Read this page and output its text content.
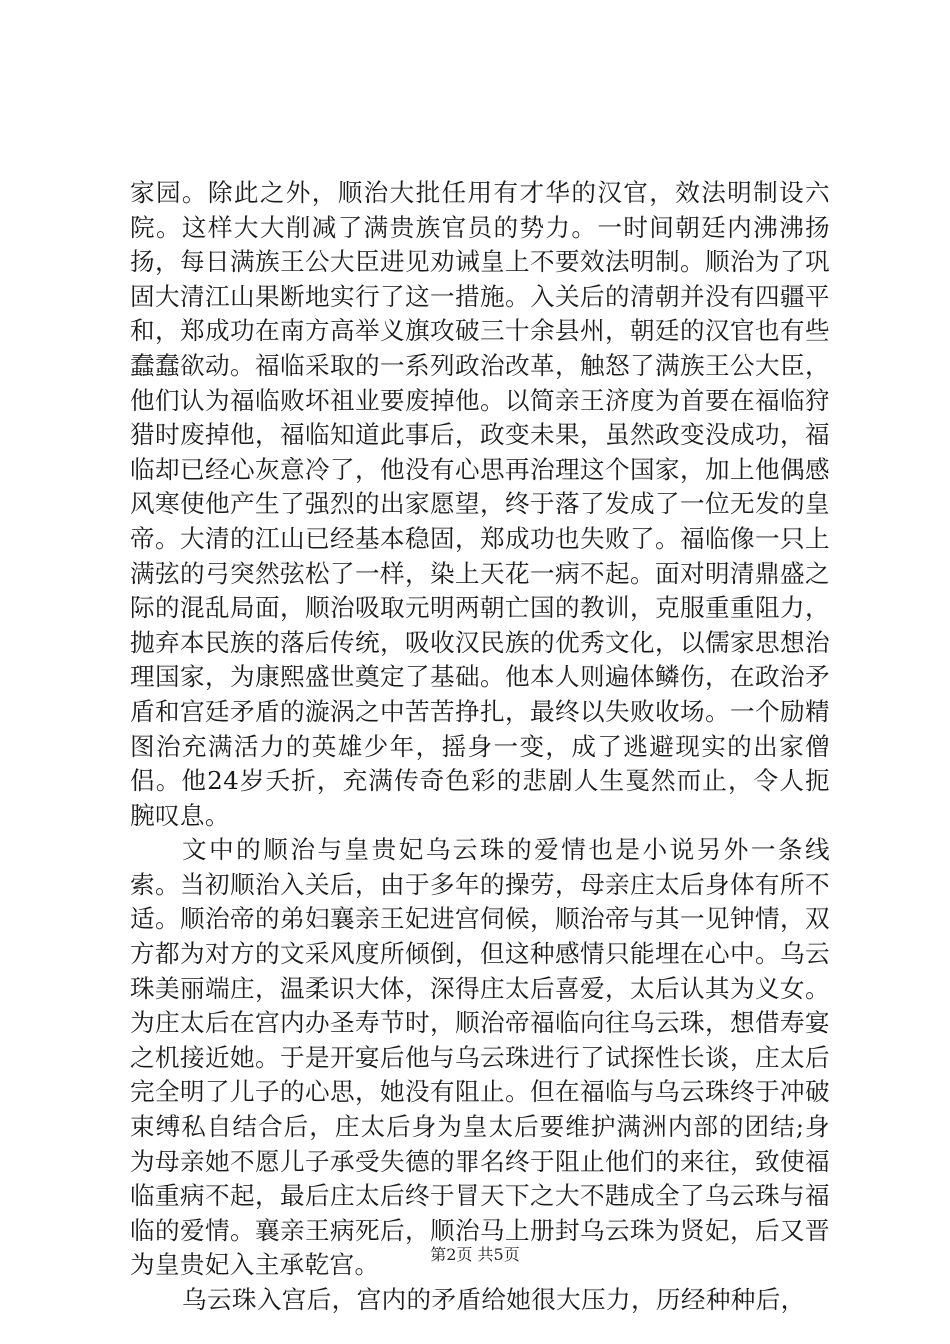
家园。除此之外，顺治大批任用有才华的汉官，效法明制设六院。这样大大削减了满贵族官员的势力。一时间朝廷内沸沸扬扬，每日满族王公大臣进见劝诫皇上不要效法明制。顺治为了巩固大清江山果断地实行了这一措施。入关后的清朝并没有四疆平和，郑成功在南方高举义旗攻破三十余县州，朝廷的汉官也有些蠢蠢欲动。福临采取的一系列政治改革，触怒了满族王公大臣，他们认为福临败坏祖业要废掉他。以简亲王济度为首要在福临狩猎时废掉他，福临知道此事后，政变未果，虽然政变没成功，福临却已经心灰意冷了，他没有心思再治理这个国家，加上他偶感风寒使他产生了强烈的出家愿望，终于落了发成了一位无发的皇帝。大清的江山已经基本稳固，郑成功也失败了。福临像一只上满弦的弓突然弦松了一样，染上天花一病不起。面对明清鼎盛之际的混乱局面，顺治吸取元明两朝亡国的教训，克服重重阻力，抛弃本民族的落后传统，吸收汉民族的优秀文化，以儒家思想治理国家，为康熙盛世奠定了基础。他本人则遍体鳞伤，在政治矛盾和宫廷矛盾的漩涡之中苦苦挣扎，最终以失败收场。一个励精图治充满活力的英雄少年，摇身一变，成了逃避现实的出家僧侣。他24岁夭折，充满传奇色彩的悲剧人生戛然而止，令人扼腕叹息。

文中的顺治与皇贵妃乌云珠的爱情也是小说另外一条线索。当初顺治入关后，由于多年的操劳，母亲庄太后身体有所不适。顺治帝的弟妇襄亲王妃进宫伺候，顺治帝与其一见钟情，双方都为对方的文采风度所倾倒，但这种感情只能埋在心中。乌云珠美丽端庄，温柔识大体，深得庄太后喜爱，太后认其为义女。为庄太后在宫内办圣寿节时，顺治帝福临向往乌云珠，想借寿宴之机接近她。于是开宴后他与乌云珠进行了试探性长谈，庄太后完全明了儿子的心思，她没有阻止。但在福临与乌云珠终于冲破束缚私自结合后，庄太后身为皇太后要维护满洲内部的团结;身为母亲她不愿儿子承受失德的罪名终于阻止他们的来往，致使福临重病不起，最后庄太后终于冒天下之大不韪成全了乌云珠与福临的爱情。襄亲王病死后，顺治马上册封乌云珠为贤妃，后又晋为皇贵妃入主承乾宫。

乌云珠入宫后，宫内的矛盾给她很大压力，历经种种后，

第2页 共5页
